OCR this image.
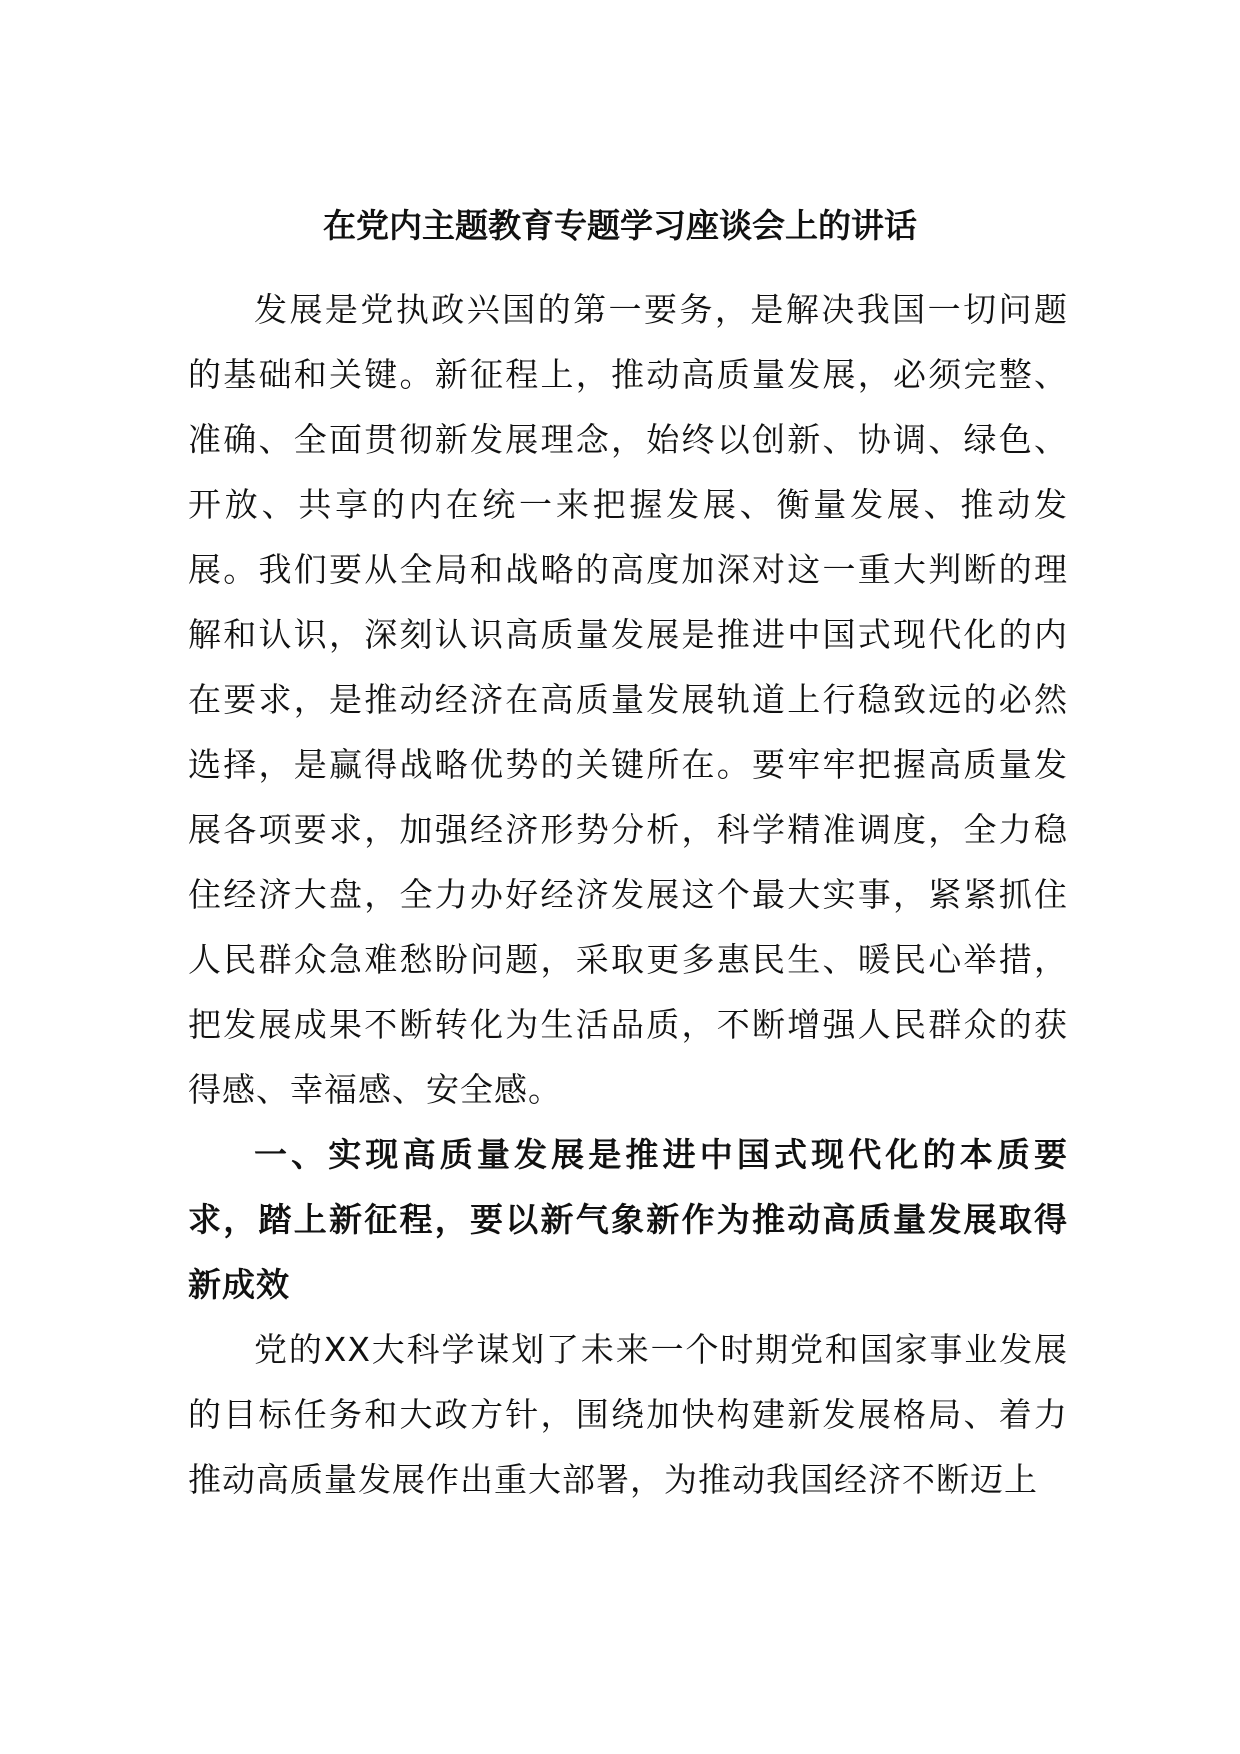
在党内主题教育专题学习座谈会上的讲话

发展是党执政兴国的第一要务，是解决我国一切问题的基础和关键。新征程上，推动高质量发展，必须完整、准确、全面贯彻新发展理念，始终以创新、协调、绿色、开放、共享的内在统一来把握发展、衡量发展、推动发展。我们要从全局和战略的高度加深对这一重大判断的理解和认识，深刻认识高质量发展是推进中国式现代化的内在要求，是推动经济在高质量发展轨道上行稳致远的必然选择，是赢得战略优势的关键所在。要牢牢把握高质量发展各项要求，加强经济形势分析，科学精准调度，全力稳住经济大盘，全力办好经济发展这个最大实事，紧紧抓住人民群众急难愁盼问题，采取更多惠民生、暖民心举措，把发展成果不断转化为生活品质，不断增强人民群众的获得感、幸福感、安全感。

一、实现高质量发展是推进中国式现代化的本质要求，踏上新征程，要以新气象新作为推动高质量发展取得新成效

党的XX大科学谋划了未来一个时期党和国家事业发展的目标任务和大政方针，围绕加快构建新发展格局、着力推动高质量发展作出重大部署，为推动我国经济不断迈上
